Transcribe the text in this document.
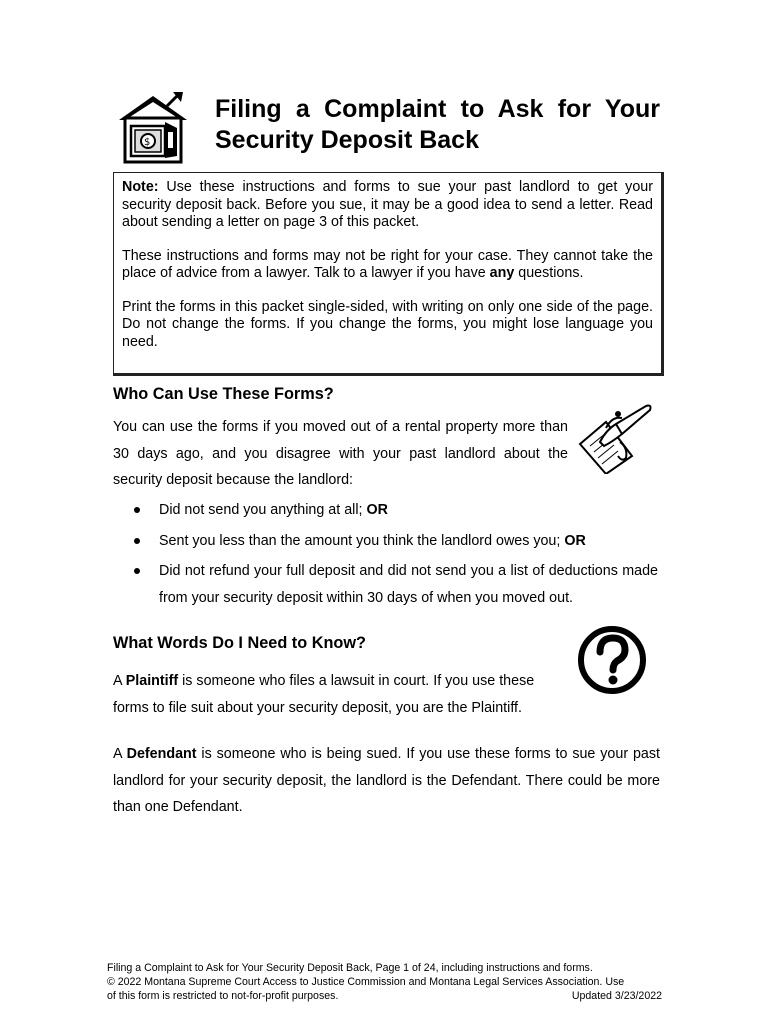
$
Filing a Complaint to Ask for Your
Security Deposit Back

Note: Use these instructions and forms to sue your past landlord to get your security deposit back. Before you sue, it may be a good idea to send a letter. Read about sending a letter on page 3 of this packet.

These instructions and forms may not be right for your case. They cannot take the place of advice from a lawyer. Talk to a lawyer if you have any questions.

Print the forms in this packet single-sided, with writing on only one side of the page. Do not change the forms. If you change the forms, you might lose language you need.

Who Can Use These Forms?
You can use the forms if you moved out of a rental property more than 30 days ago, and you disagree with your past landlord about the security deposit because the landlord:
Did not send you anything at all; OR
Sent you less than the amount you think the landlord owes you; OR
Did not refund your full deposit and did not send you a list of deductions made from your security deposit within 30 days of when you moved out.
What Words Do I Need to Know?
A Plaintiff is someone who files a lawsuit in court. If you use these forms to file suit about your security deposit, you are the Plaintiff.
A Defendant is someone who is being sued. If you use these forms to sue your past landlord for your security deposit, the landlord is the Defendant. There could be more than one Defendant.
Filing a Complaint to Ask for Your Security Deposit Back, Page 1 of 24, including instructions and forms.
© 2022 Montana Supreme Court Access to Justice Commission and Montana Legal Services Association. Use
of this form is restricted to not-for-profit purposes.	Updated 3/23/2022
